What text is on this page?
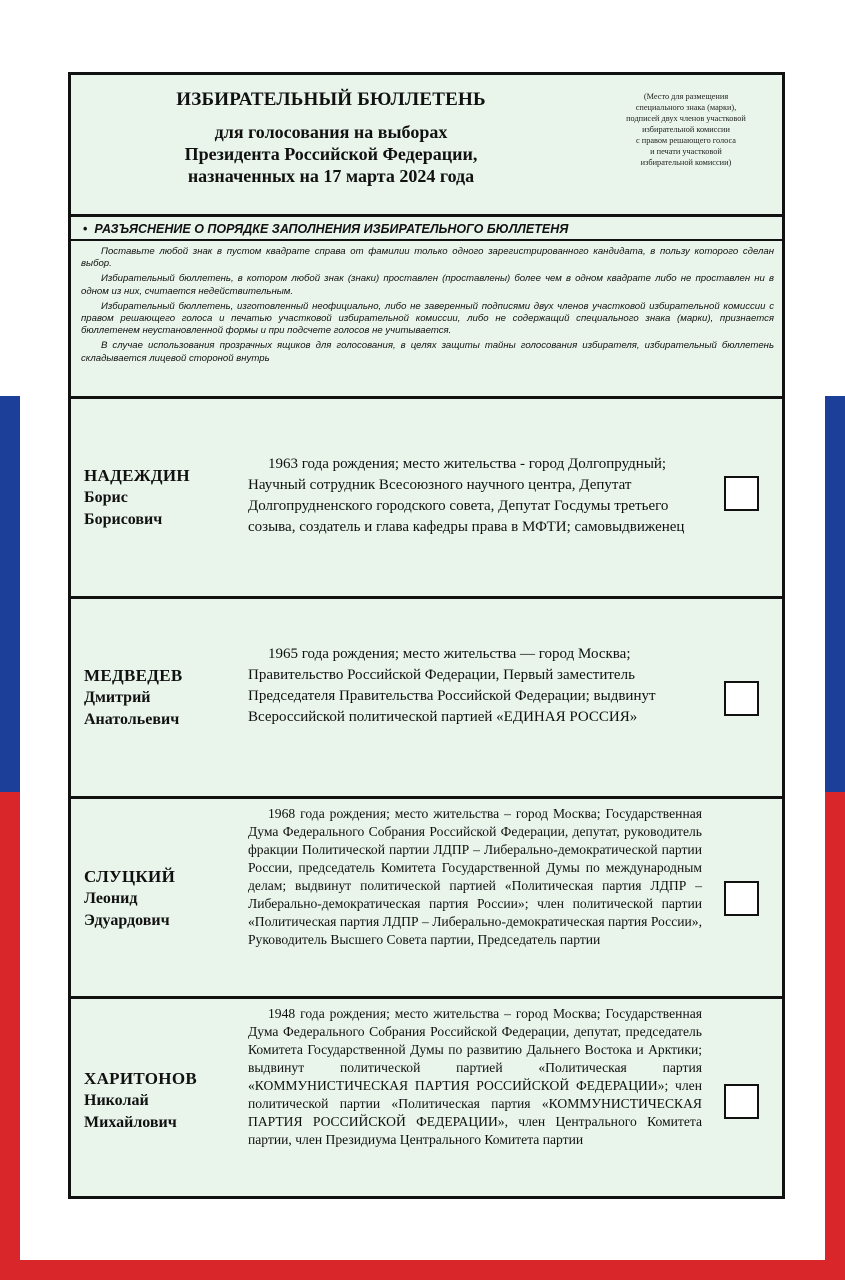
ИЗБИРАТЕЛЬНЫЙ БЮЛЛЕТЕНЬ
для голосования на выборах
Президента Российской Федерации,
назначенных на 17 марта 2024 года
(Место для размещения
специального знака (марки),
подписей двух членов участковой
избирательной комиссии
с правом решающего голоса
и печати участковой
избирательной комиссии)
• РАЗЪЯСНЕНИЕ О ПОРЯДКЕ ЗАПОЛНЕНИЯ ИЗБИРАТЕЛЬНОГО БЮЛЛЕТЕНЯ

Поставьте любой знак в пустом квадрате справа от фамилии только одного зарегистрированного кандидата, в пользу которого сделан выбор.

Избирательный бюллетень, в котором любой знак (знаки) проставлен (проставлены) более чем в одном квадрате либо не проставлен ни в одном из них, считается недействительным.

Избирательный бюллетень, изготовленный неофициально, либо не заверенный подписями двух членов участковой избирательной комиссии с правом решающего голоса и печатью участковой избирательной комиссии, либо не содержащий специального знака (марки), признается бюллетенем неустановленной формы и при подсчете голосов не учитывается.

В случае использования прозрачных ящиков для голосования, в целях защиты тайны голосования избирателя, избирательный бюллетень складывается лицевой стороной внутрь

НАДЕЖДИН
Борис
Борисович
1963 года рождения; место жительства - город Долгопрудный; Научный сотрудник Всесоюзного научного центра, Депутат Долгопрудненского городского совета, Депутат Госдумы третьего созыва, создатель и глава кафедры права в МФТИ; самовыдвиженец
МЕДВЕДЕВ
Дмитрий
Анатольевич
1965 года рождения; место жительства — город Москва; Правительство Российской Федерации, Первый заместитель Председателя Правительства Российской Федерации; выдвинут Всероссийской политической партией «ЕДИНАЯ РОССИЯ»
СЛУЦКИЙ
Леонид
Эдуардович
1968 года рождения; место жительства – город Москва; Государственная Дума Федерального Собрания Российской Федерации, депутат, руководитель фракции Политической партии ЛДПР – Либерально-демократической партии России, председатель Комитета Государственной Думы по международным делам; выдвинут политической партией «Политическая партия ЛДПР – Либерально-демократическая партия России»; член политической партии «Политическая партия ЛДПР – Либерально-демократическая партия России», Руководитель Высшего Совета партии, Председатель партии
ХАРИТОНОВ
Николай
Михайлович
1948 года рождения; место жительства – город Москва; Государственная Дума Федерального Собрания Российской Федерации, депутат, председатель Комитета Государственной Думы по развитию Дальнего Востока и Арктики; выдвинут политической партией «Политическая партия «КОММУНИСТИЧЕСКАЯ ПАРТИЯ РОССИЙСКОЙ ФЕДЕРАЦИИ»; член политической партии «Политическая партия «КОММУНИСТИЧЕСКАЯ ПАРТИЯ РОССИЙСКОЙ ФЕДЕРАЦИИ», член Центрального Комитета партии, член Президиума Центрального Комитета партии
